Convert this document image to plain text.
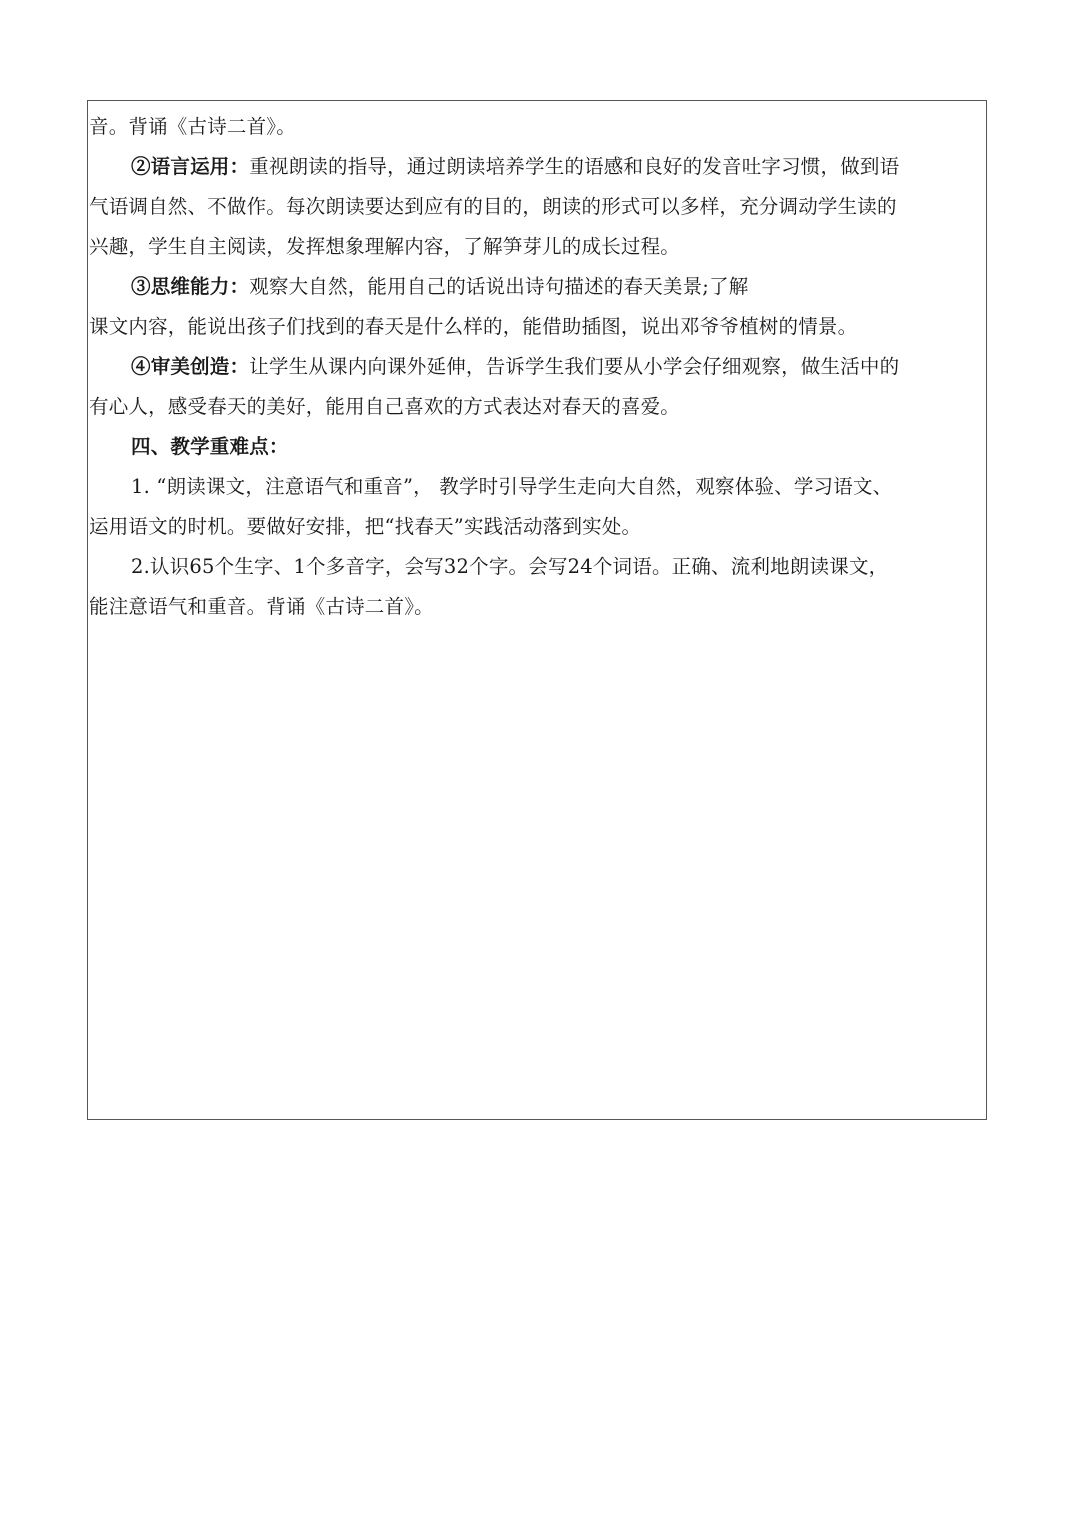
音。背诵《古诗二首》。
②语言运用：重视朗读的指导，通过朗读培养学生的语感和良好的发音吐字习惯，做到语
气语调自然、不做作。每次朗读要达到应有的目的，朗读的形式可以多样，充分调动学生读的
兴趣，学生自主阅读，发挥想象理解内容，了解笋芽儿的成长过程。
③思维能力：观察大自然，能用自己的话说出诗句描述的春天美景;了解
课文内容，能说出孩子们找到的春天是什么样的，能借助插图，说出邓爷爷植树的情景。
④审美创造：让学生从课内向课外延伸，告诉学生我们要从小学会仔细观察，做生活中的
有心人，感受春天的美好，能用自己喜欢的方式表达对春天的喜爱。
四、教学重难点：
1. “朗读课文，注意语气和重音”， 教学时引导学生走向大自然，观察体验、学习语文、
运用语文的时机。要做好安排，把“找春天”实践活动落到实处。
2.认识65个生字、1个多音字，会写32个字。会写24个词语。正确、流利地朗读课文，
能注意语气和重音。背诵《古诗二首》。
